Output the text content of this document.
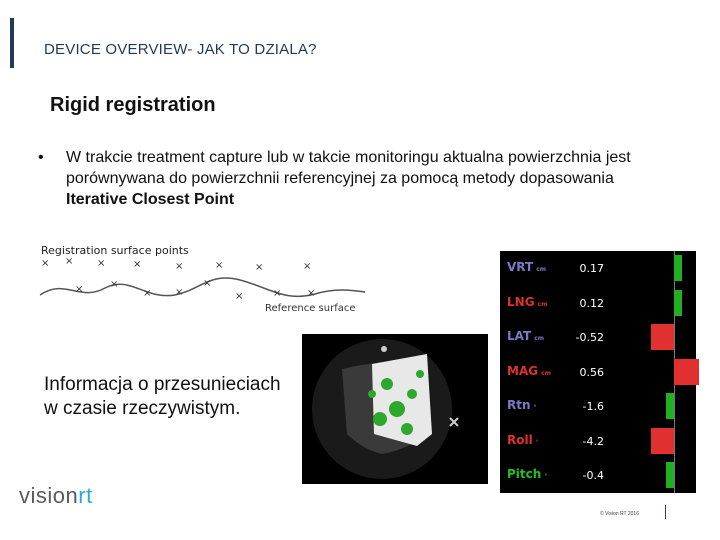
DEVICE OVERVIEW- JAK TO DZIALA?
Rigid registration
• W trakcie treatment capture lub w takcie monitoringu aktualna powierzchnia jest porównywana do powierzchnii referencyjnej za pomocą metody dopasowania Iterative Closest Point
Registration surface points
× × ×	×	×	×	×	×
×	×
× ×
×
×	×	×
Reference surface
Informacja o przesunieciach w czasie rzeczywistym.
VRT cm	0.17
LNG cm	0.12
LAT cm	-0.52
MAG cm	0.56
Rtn °	-1.6
Roll °	-4.2
Pitch °	-0.4
visionrt
© Vision RT 2016
